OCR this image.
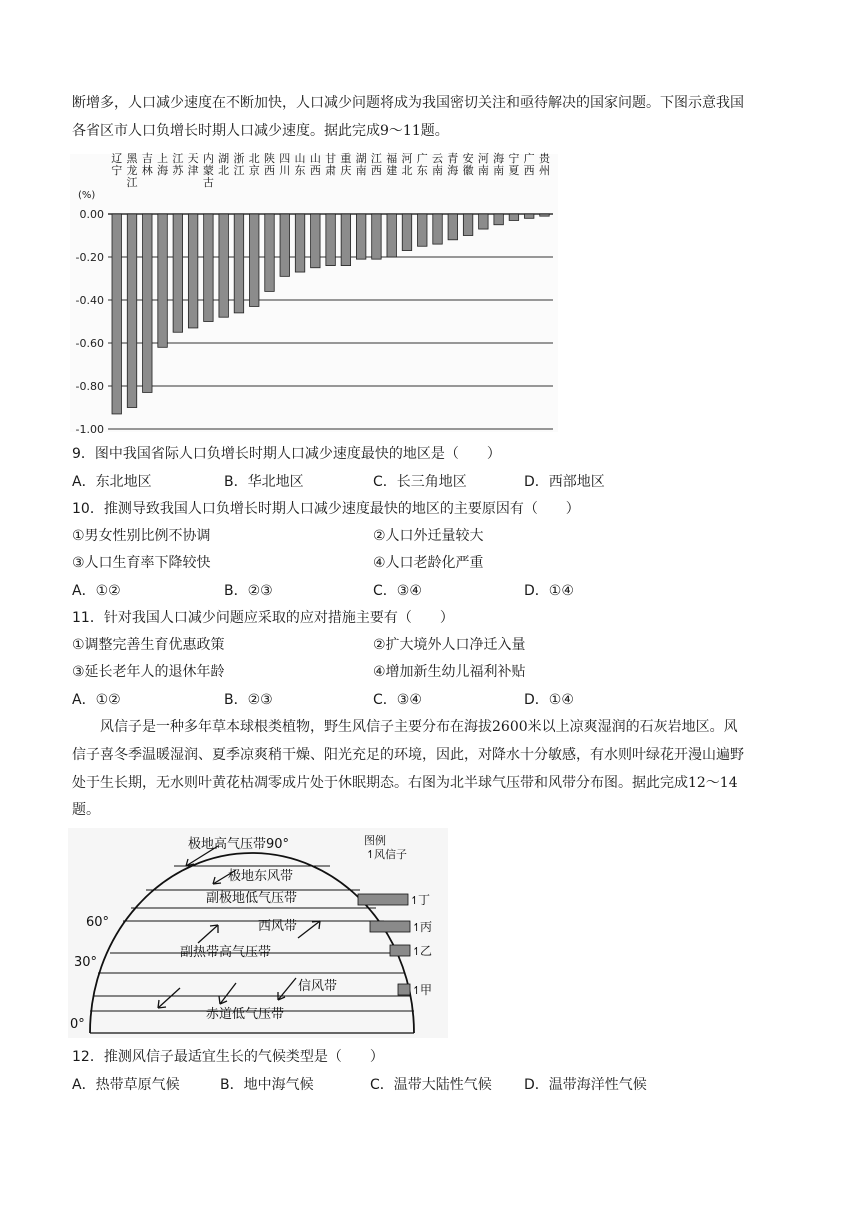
断增多，人口减少速度在不断加快，人口减少问题将成为我国密切关注和亟待解决的国家问题。下图示意我国
各省区市人口负增长时期人口减少速度。据此完成9～11题。
辽宁
黑龙江
吉林
上海
江苏
天津
内蒙古
湖北
浙江
北京
陕西
四川
山东
山西
甘肃
重庆
湖南
江西
福建
河北
广东
云南
青海
安徽
河南
海南
宁夏
广西
贵州
(%)
0.00
-0.20
-0.40
-0.60
-0.80
-1.00
9．图中我国省际人口负增长时期人口减少速度最快的地区是（　　）
A．东北地区	B．华北地区	C．长三角地区	D．西部地区
10．推测导致我国人口负增长时期人口减少速度最快的地区的主要原因有（　　）
①男女性别比例不协调	②人口外迁量较大
③人口生育率下降较快	④人口老龄化严重
A．①②	B．②③	C．③④	D．①④
11．针对我国人口减少问题应采取的应对措施主要有（　　）
①调整完善生育优惠政策	②扩大境外人口净迁入量
③延长老年人的退休年龄	④增加新生幼儿福利补贴
A．①②	B．②③	C．③④	D．①④
风信子是一种多年草本球根类植物，野生风信子主要分布在海拔2600米以上凉爽湿润的石灰岩地区。风
信子喜冬季温暖湿润、夏季凉爽稍干燥、阳光充足的环境，因此，对降水十分敏感，有水则叶绿花开漫山遍野
处于生长期，无水则叶黄花枯凋零成片处于休眠期态。右图为北半球气压带和风带分布图。据此完成12～14
题。
极地高气压带90°
极地东风带
副极地低气压带
西风带
副热带高气压带
信风带
赤道低气压带
60°
30°
0°
图例
↿
风信子
↿
丁
↿
丙
↿
乙
↿
甲
12．推测风信子最适宜生长的气候类型是（　　）
A．热带草原气候	B．地中海气候	C．温带大陆性气候 D．温带海洋性气候
